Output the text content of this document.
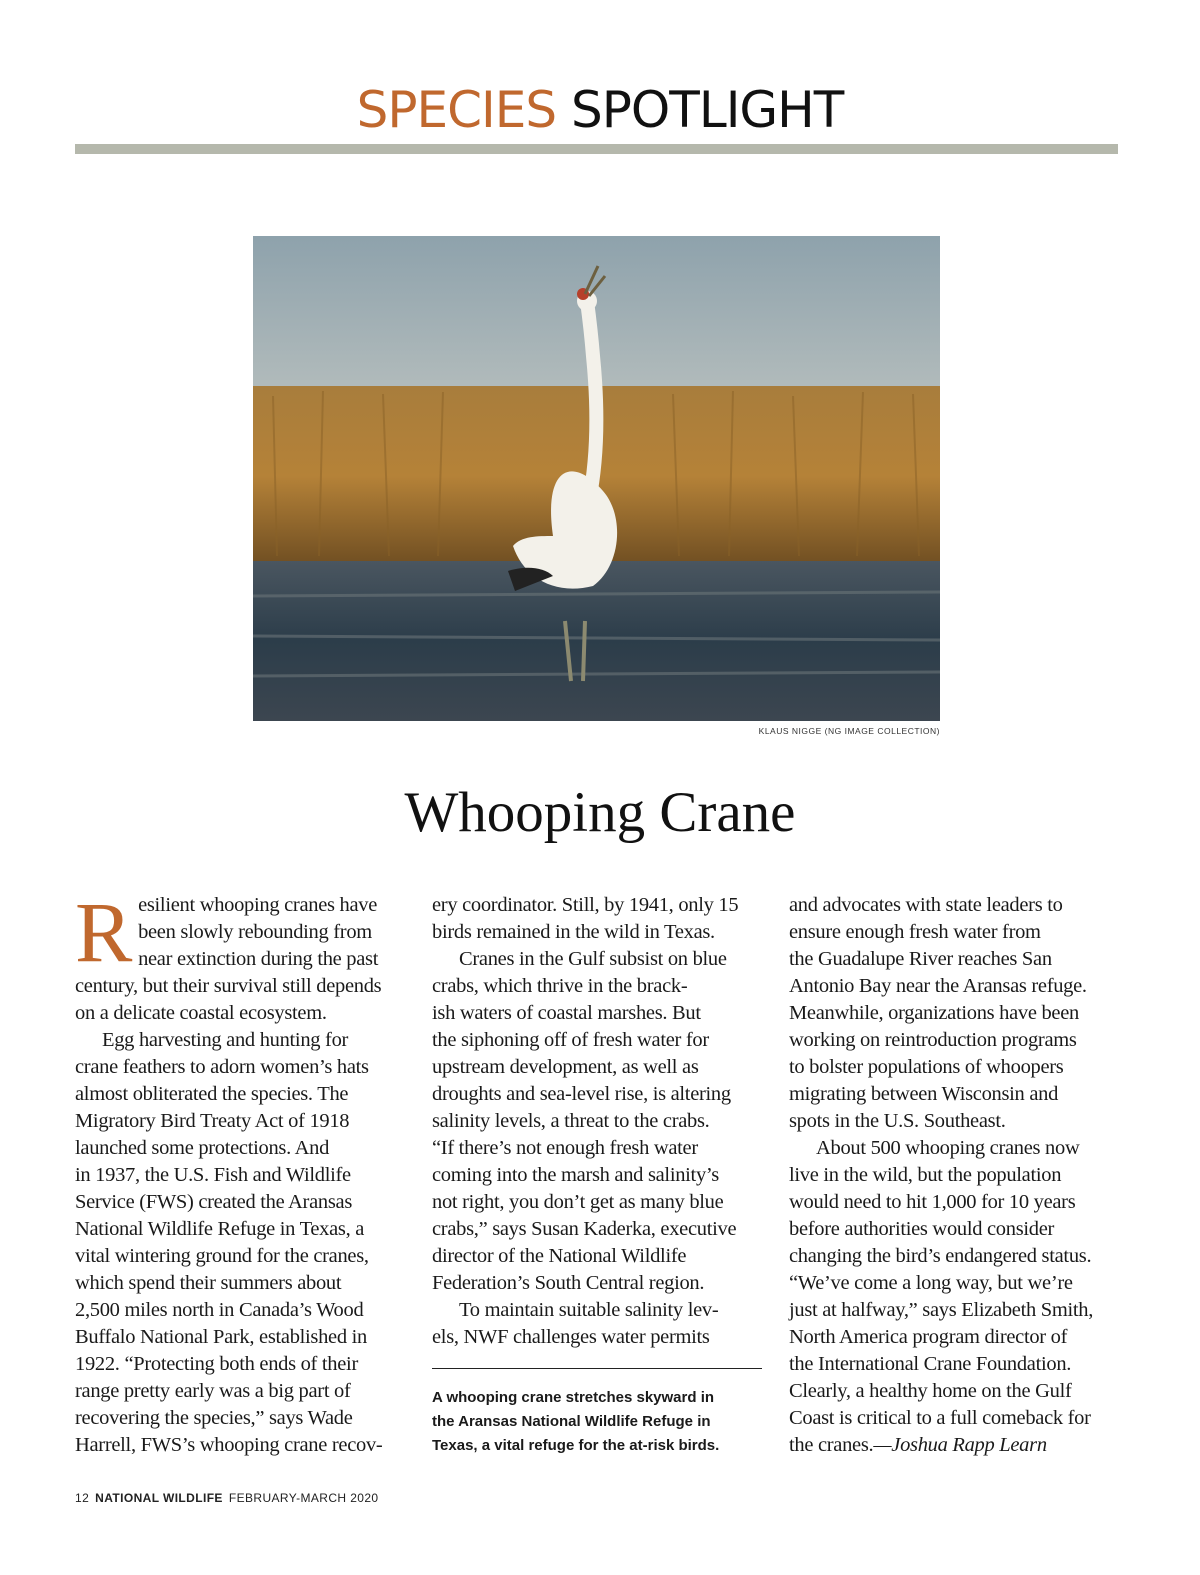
SPECIES SPOTLIGHT
KLAUS NIGGE (NG IMAGE COLLECTION)
Whooping Crane
R esilient whooping cranes have
been slowly rebounding from
near extinction during the past
century, but their survival still depends
on a delicate coastal ecosystem.
Egg harvesting and hunting for
crane feathers to adorn women’s hats
almost obliterated the species. The
Migratory Bird Treaty Act of 1918
launched some protections. And
in 1937, the U.S. Fish and Wildlife
Service (FWS) created the Aransas
National Wildlife Refuge in Texas, a
vital wintering ground for the cranes,
which spend their summers about
2,500 miles north in Canada’s Wood
Buffalo National Park, established in
1922. “Protecting both ends of their
range pretty early was a big part of
recovering the species,” says Wade
Harrell, FWS’s whooping crane recov-
ery coordinator. Still, by 1941, only 15
birds remained in the wild in Texas.
Cranes in the Gulf subsist on blue
crabs, which thrive in the brack-
ish waters of coastal marshes. But
the siphoning off of fresh water for
upstream development, as well as
droughts and sea-level rise, is altering
salinity levels, a threat to the crabs.
“If there’s not enough fresh water
coming into the marsh and salinity’s
not right, you don’t get as many blue
crabs,” says Susan Kaderka, executive
director of the National Wildlife
Federation’s South Central region.
To maintain suitable salinity lev-
els, NWF challenges water permits
A whooping crane stretches skyward in
the Aransas National Wildlife Refuge in
Texas, a vital refuge for the at-risk birds.
and advocates with state leaders to
ensure enough fresh water from
the Guadalupe River reaches San
Antonio Bay near the Aransas refuge.
Meanwhile, organizations have been
working on reintroduction programs
to bolster populations of whoopers
migrating between Wisconsin and
spots in the U.S. Southeast.
About 500 whooping cranes now
live in the wild, but the population
would need to hit 1,000 for 10 years
before authorities would consider
changing the bird’s endangered status.
“We’ve come a long way, but we’re
just at halfway,” says Elizabeth Smith,
North America program director of
the International Crane Foundation.
Clearly, a healthy home on the Gulf
Coast is critical to a full comeback for
the cranes.—Joshua Rapp Learn
12 NATIONAL WILDLIFE FEBRUARY-MARCH 2020
